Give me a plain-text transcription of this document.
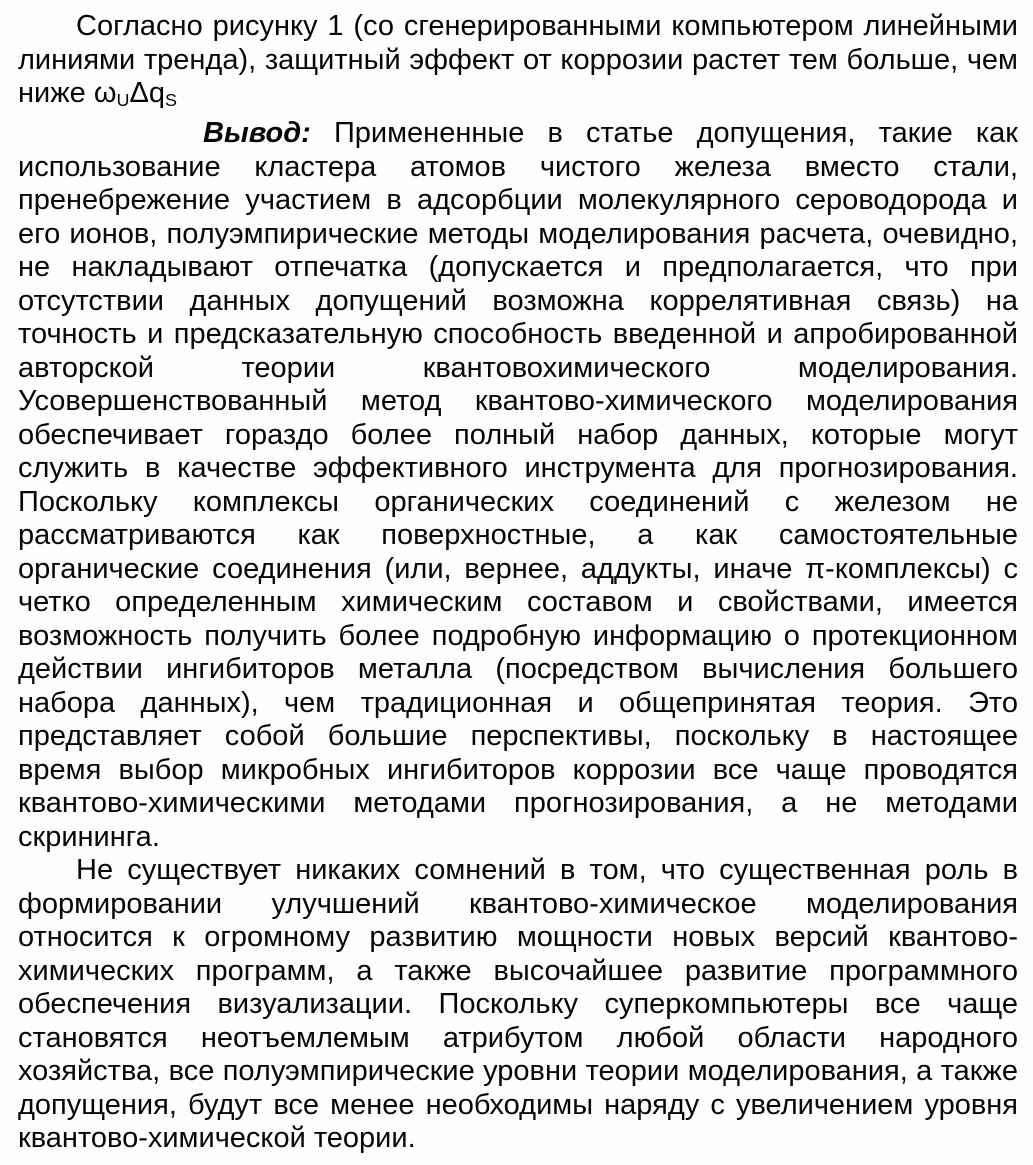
Согласно рисунку 1 (со сгенерированными компьютером линейными линиями тренда), защитный эффект от коррозии растет тем больше, чем ниже $\omega_U\Delta q_S$

Вывод: Примененные в статье допущения, такие как использование кластера атомов чистого железа вместо стали, пренебрежение участием в адсорбции молекулярного сероводорода и его ионов, полуэмпирические методы моделирования расчета, очевидно, не накладывают отпечатка (допускается и предполагается, что при отсутствии данных допущений возможна коррелятивная связь) на точность и предсказательную способность введенной и апробированной авторской теории квантовохимического моделирования. Усовершенствованный метод квантово-химического моделирования обеспечивает гораздо более полный набор данных, которые могут служить в качестве эффективного инструмента для прогнозирования. Поскольку комплексы органических соединений с железом не рассматриваются как поверхностные, а как самостоятельные органические соединения (или, вернее, аддукты, иначе π-комплексы) с четко определенным химическим составом и свойствами, имеется возможность получить более подробную информацию о протекционном действии ингибиторов металла (посредством вычисления большего набора данных), чем традиционная и общепринятая теория. Это представляет собой большие перспективы, поскольку в настоящее время выбор микробных ингибиторов коррозии все чаще проводятся квантово-химическими методами прогнозирования, а не методами скрининга.

Не существует никаких сомнений в том, что существенная роль в формировании улучшений квантово-химическое моделирования относится к огромному развитию мощности новых версий квантово-химических программ, а также высочайшее развитие программного обеспечения визуализации. Поскольку суперкомпьютеры все чаще становятся неотъемлемым атрибутом любой области народного хозяйства, все полуэмпирические уровни теории моделирования, а также допущения, будут все менее необходимы наряду с увеличением уровня квантово-химической теории.
